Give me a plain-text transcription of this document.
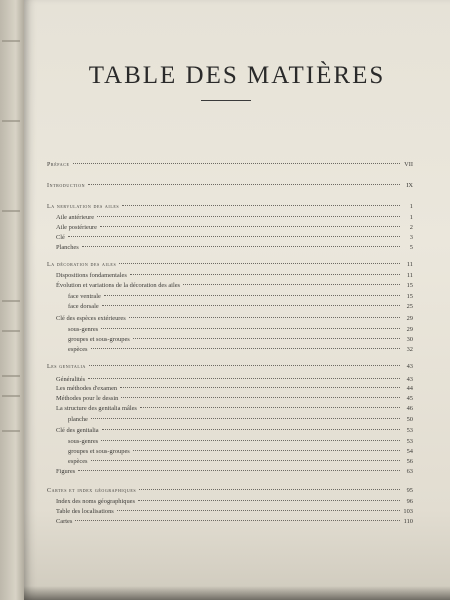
TABLE DES MATIÈRES
Préface	VII
Introduction	IX
La nervulation des ailes	1
Aile antérieure	1
Aile postérieure	2
Clé	3
Planches	5
La décoration des ailes	11
Dispositions fondamentales	11
Évolution et variations de la décoration des ailes	15
face ventrale	15
face dorsale	25
Clé des espèces extérieures	29
sous-genres	29
groupes et sous-groupes	30
espèces	32
Les genitalia	43
Généralités	43
Les méthodes d'examen	44
Méthodes pour le dessin	45
La structure des genitalia mâles	46
planche	50
Clé des genitalia	53
sous-genres	53
groupes et sous-groupes	54
espèces	56
Figures	63
Cartes et index géographiques	95
Index des noms géographiques	96
Table des localisations	103
Cartes	110
